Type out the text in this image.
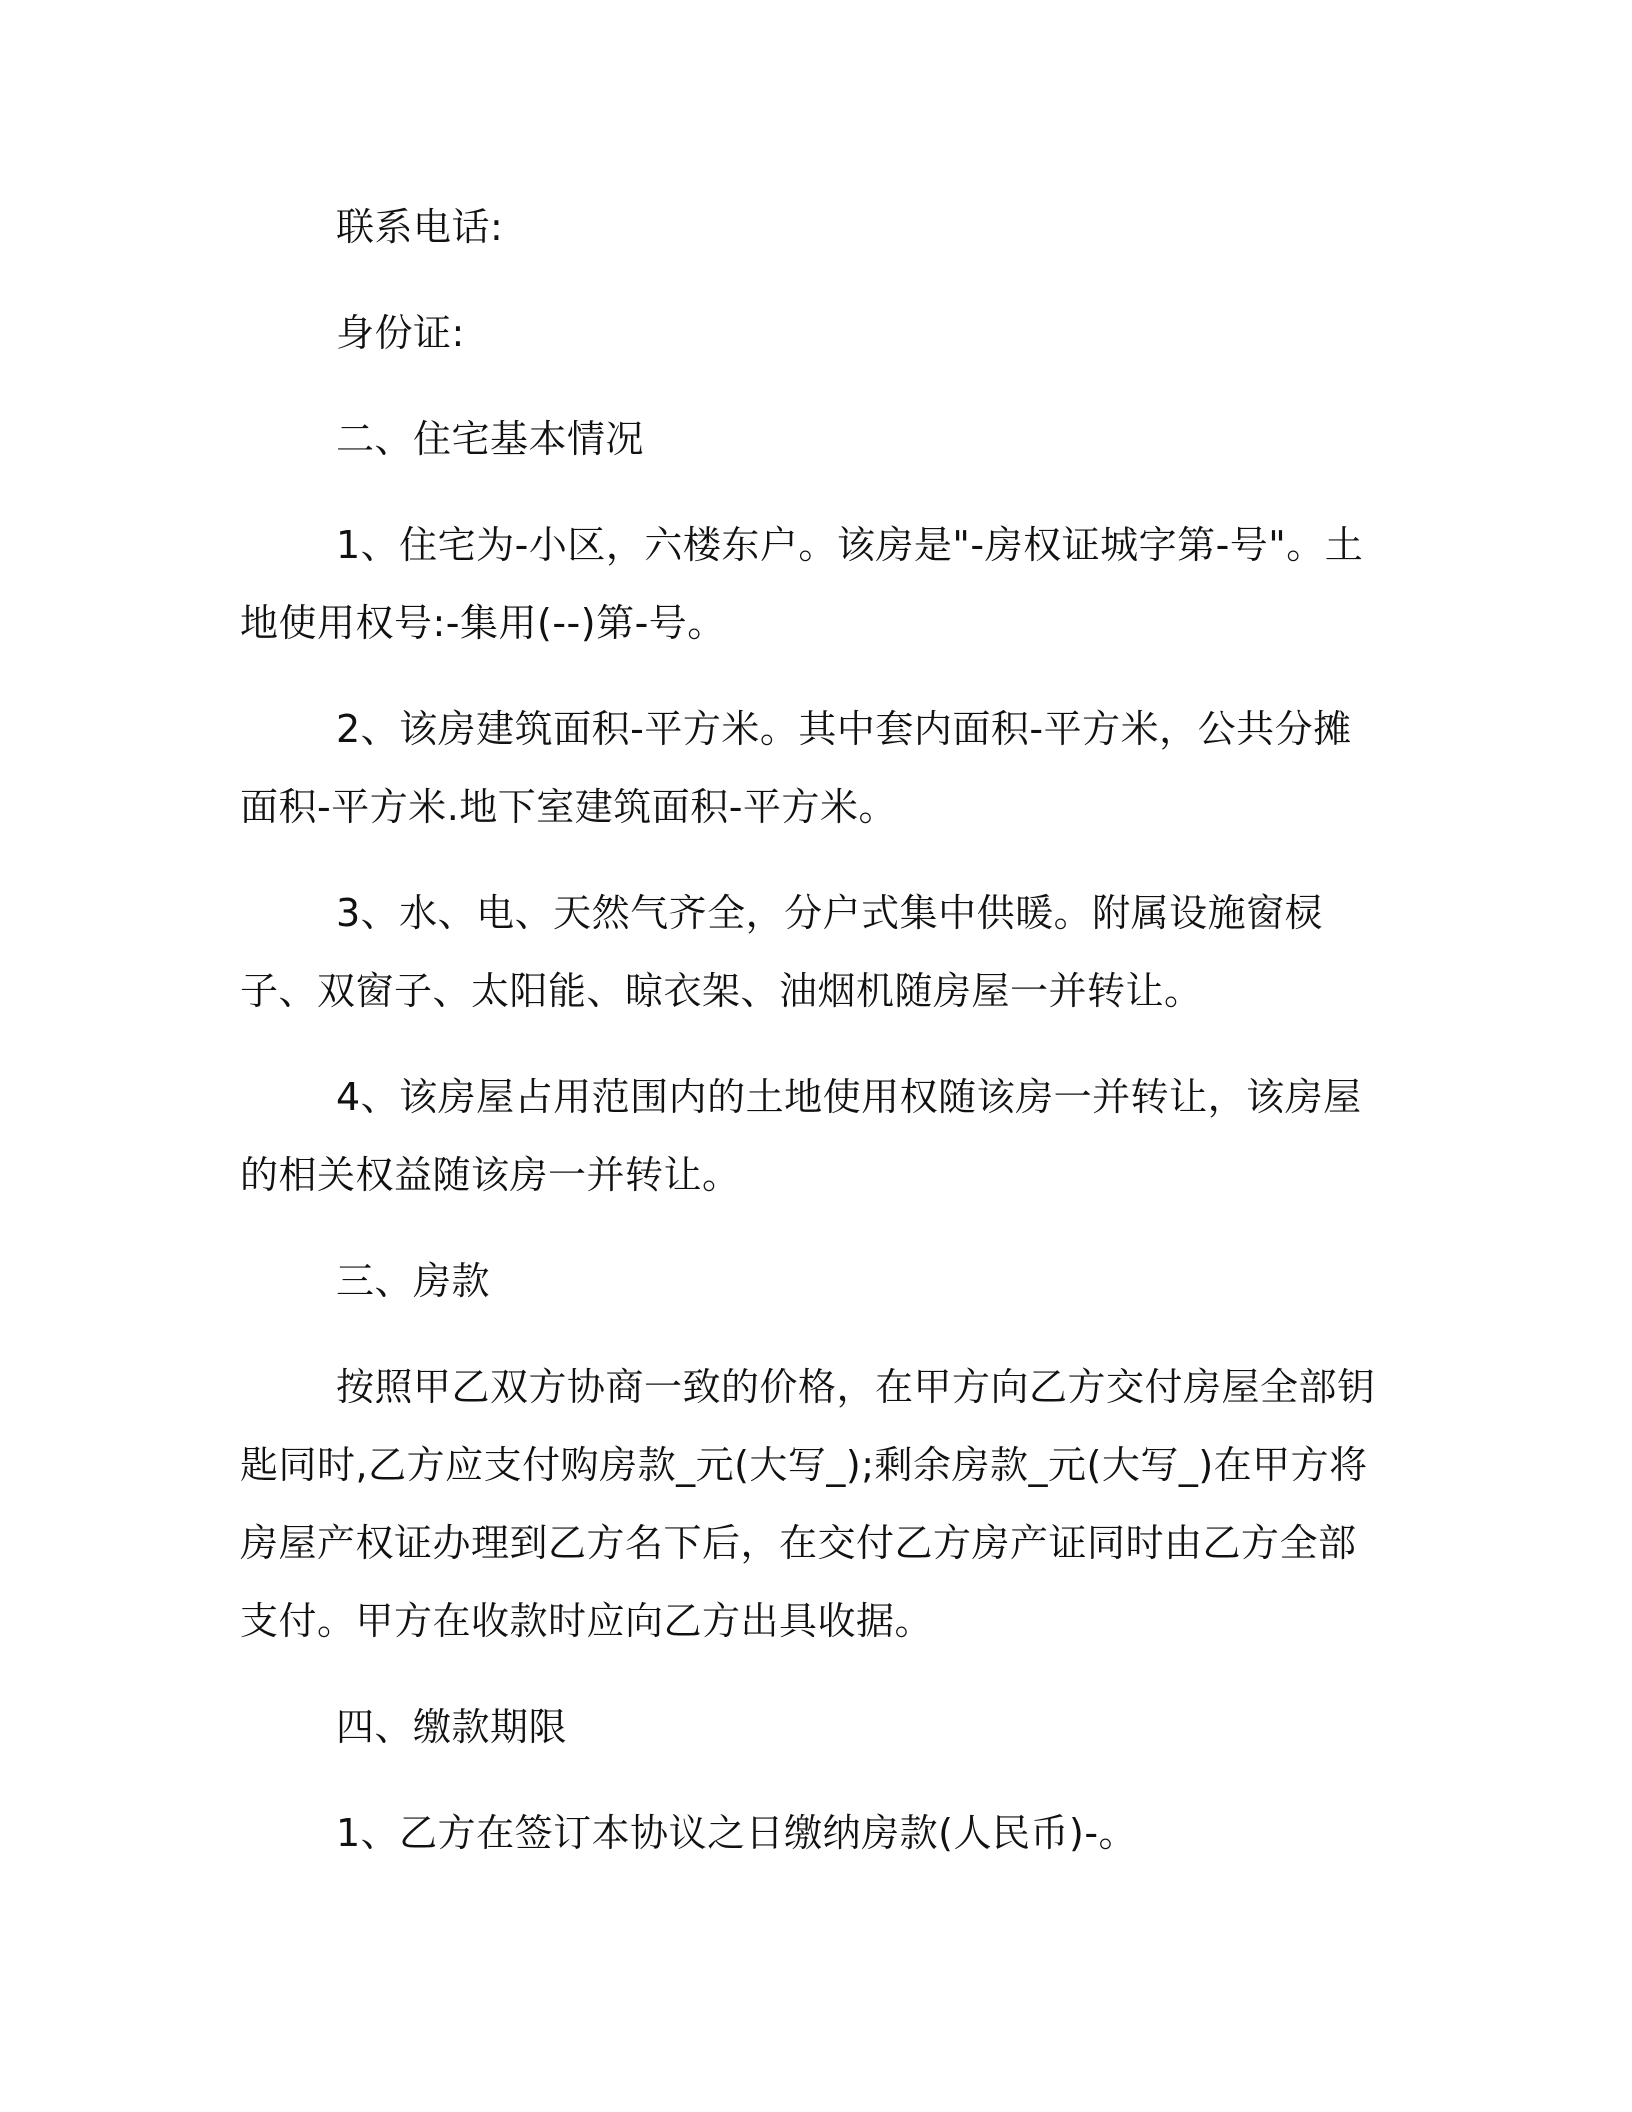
联系电话:

身份证:

二、住宅基本情况

1、住宅为-小区，六楼东户。该房是"-房权证城字第-号"。土地使用权号:-集用(--)第-号。

2、该房建筑面积-平方米。其中套内面积-平方米，公共分摊面积-平方米.地下室建筑面积-平方米。

3、水、电、天然气齐全，分户式集中供暖。附属设施窗棂子、双窗子、太阳能、晾衣架、油烟机随房屋一并转让。

4、该房屋占用范围内的土地使用权随该房一并转让，该房屋的相关权益随该房一并转让。

三、房款

按照甲乙双方协商一致的价格，在甲方向乙方交付房屋全部钥匙同时,乙方应支付购房款_元(大写_);剩余房款_元(大写_)在甲方将房屋产权证办理到乙方名下后，在交付乙方房产证同时由乙方全部支付。甲方在收款时应向乙方出具收据。

四、缴款期限

1、乙方在签订本协议之日缴纳房款(人民币)-。
